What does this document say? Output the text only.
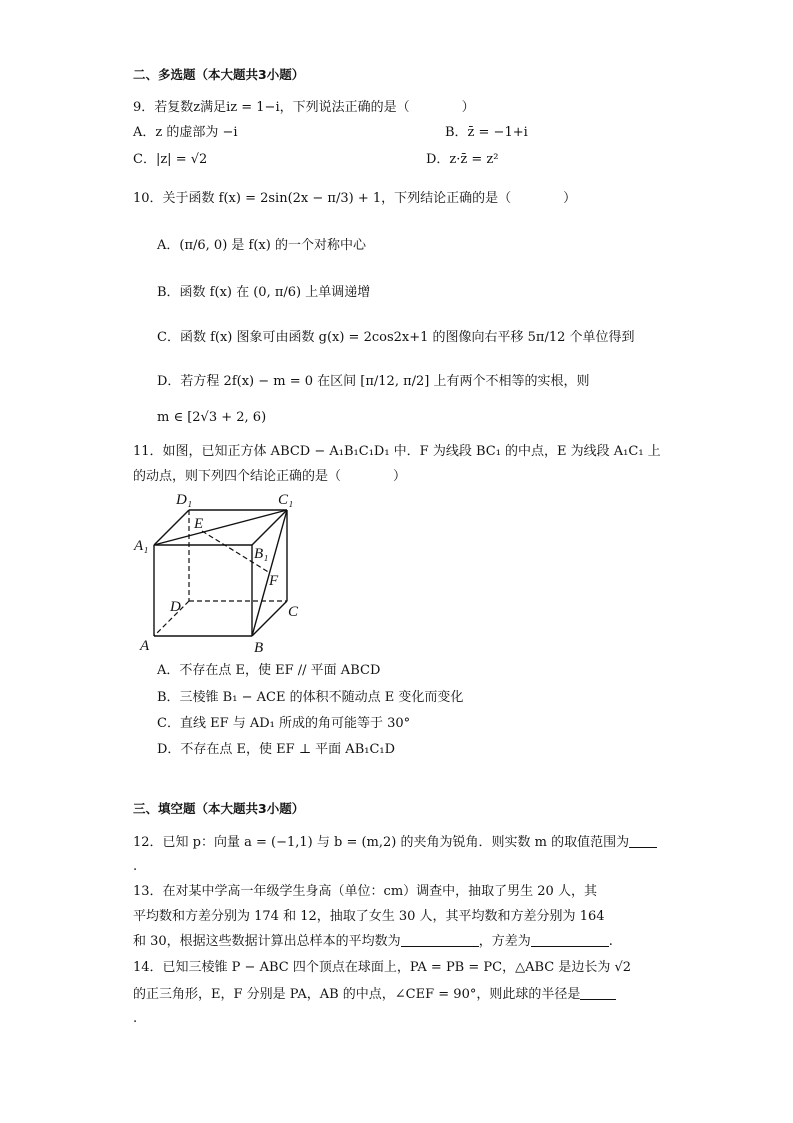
二、多选题（本大题共3小题）
9．若复数z满足iz = 1−i，下列说法正确的是（　　　　）
A．z 的虚部为 −i	B．z̄ = −1+i
C．|z| = √2	D．z·z̄ = z²
10．关于函数 f(x) = 2sin(2x − π/3) + 1，下列结论正确的是（　　　　）
A．(π/6, 0) 是 f(x) 的一个对称中心
B．函数 f(x) 在 (0, π/6) 上单调递增
C．函数 f(x) 图象可由函数 g(x) = 2cos2x+1 的图像向右平移 5π/12 个单位得到
D．若方程 2f(x) − m = 0 在区间 [π/12, π/2] 上有两个不相等的实根，则
m ∈ [2√3 + 2, 6)
11．如图，已知正方体 ABCD − A₁B₁C₁D₁ 中．F 为线段 BC₁ 的中点，E 为线段 A₁C₁ 上
的动点，则下列四个结论正确的是（　　　　）
D₁	C₁
A₁
E
B₁
F
D	C
A	B
A．不存在点 E，使 EF // 平面 ABCD
B．三棱锥 B₁ − ACE 的体积不随动点 E 变化而变化
C．直线 EF 与 AD₁ 所成的角可能等于 30°
D．不存在点 E，使 EF ⊥ 平面 AB₁C₁D
三、填空题（本大题共3小题）
12．已知 p：向量 a = (−1,1) 与 b = (m,2) 的夹角为锐角．则实数 m 的取值范围为
.
13．在对某中学高一年级学生身高（单位：cm）调查中，抽取了男生 20 人，其
平均数和方差分别为 174 和 12，抽取了女生 30 人，其平均数和方差分别为 164
和 30，根据这些数据计算出总样本的平均数为	，方差为	.
14．已知三棱锥 P − ABC 四个顶点在球面上，PA = PB = PC，△ABC 是边长为 √2
的正三角形，E，F 分别是 PA，AB 的中点，∠CEF = 90°，则此球的半径是
.
